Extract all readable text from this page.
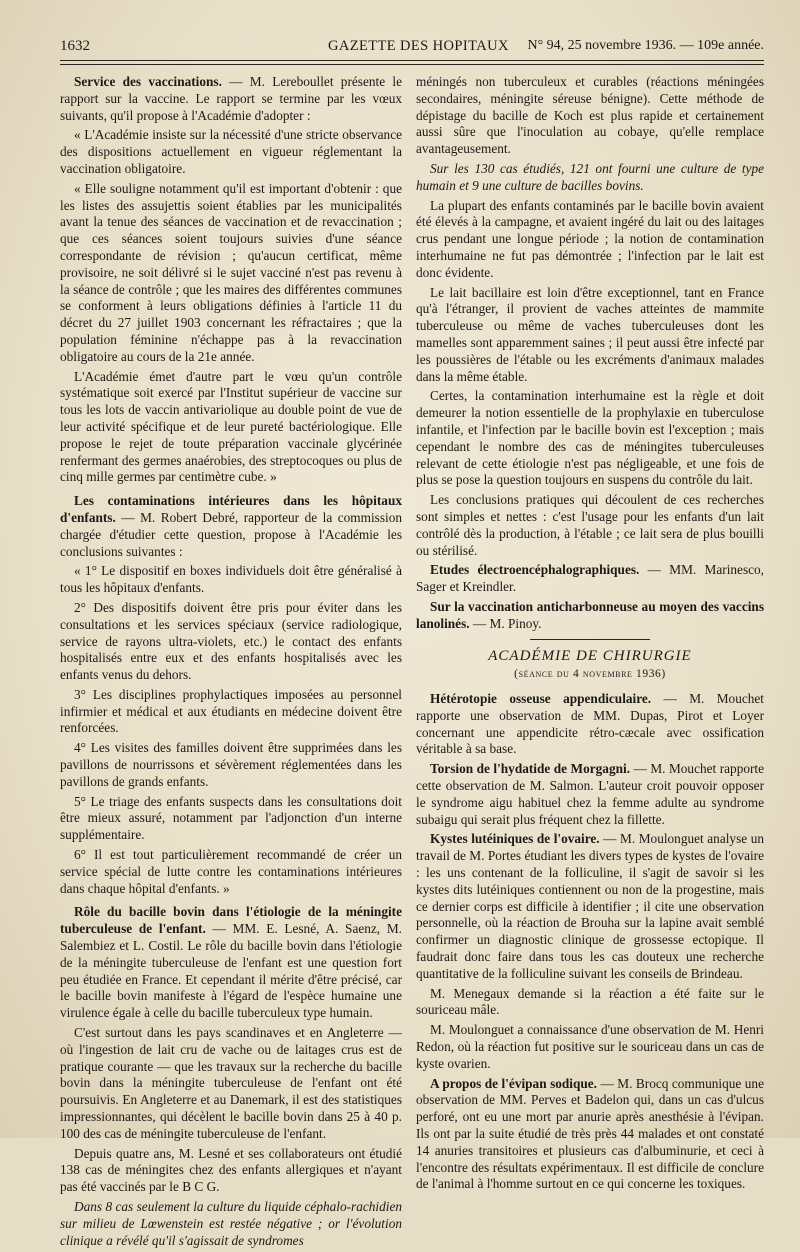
1632	GAZETTE DES HOPITAUX N° 94, 25 novembre 1936. — 109e année.

Service des vaccinations. — M. Lereboullet présente le rapport sur la vaccine. Le rapport se termine par les vœux suivants, qu'il propose à l'Académie d'adopter :

« L'Académie insiste sur la nécessité d'une stricte observance des dispositions actuellement en vigueur réglementant la vaccination obligatoire.

« Elle souligne notamment qu'il est important d'obtenir : que les listes des assujettis soient établies par les municipalités avant la tenue des séances de vaccination et de revaccination ; que ces séances soient toujours suivies d'une séance correspondante de révision ; qu'aucun certificat, même provisoire, ne soit délivré si le sujet vacciné n'est pas revenu à la séance de contrôle ; que les maires des différentes communes se conforment à leurs obligations définies à l'article 11 du décret du 27 juillet 1903 concernant les réfractaires ; que la population féminine n'échappe pas à la revaccination obligatoire au cours de la 21e année.

L'Académie émet d'autre part le vœu qu'un contrôle systématique soit exercé par l'Institut supérieur de vaccine sur tous les lots de vaccin antivariolique au double point de vue de leur activité spécifique et de leur pureté bactériologique. Elle propose le rejet de toute préparation vaccinale glycérinée renfermant des germes anaérobies, des streptocoques ou plus de cinq mille germes par centimètre cube. »

Les contaminations intérieures dans les hôpitaux d'enfants. — M. Robert Debré, rapporteur de la commission chargée d'étudier cette question, propose à l'Académie les conclusions suivantes :

« 1° Le dispositif en boxes individuels doit être généralisé à tous les hôpitaux d'enfants.

2° Des dispositifs doivent être pris pour éviter dans les consultations et les services spéciaux (service radiologique, service de rayons ultra-violets, etc.) le contact des enfants hospitalisés entre eux et des enfants hospitalisés avec les enfants venus du dehors.

3° Les disciplines prophylactiques imposées au personnel infirmier et médical et aux étudiants en médecine doivent être renforcées.

4° Les visites des familles doivent être supprimées dans les pavillons de nourrissons et sévèrement réglementées dans les pavillons de grands enfants.

5° Le triage des enfants suspects dans les consultations doit être mieux assuré, notamment par l'adjonction d'un interne supplémentaire.

6° Il est tout particulièrement recommandé de créer un service spécial de lutte contre les contaminations intérieures dans chaque hôpital d'enfants. »

Rôle du bacille bovin dans l'étiologie de la méningite tuberculeuse de l'enfant. — MM. E. Lesné, A. Saenz, M. Salembiez et L. Costil. Le rôle du bacille bovin dans l'étiologie de la méningite tuberculeuse de l'enfant est une question fort peu étudiée en France. Et cependant il mérite d'être précisé, car le bacille bovin manifeste à l'égard de l'espèce humaine une virulence égale à celle du bacille tuberculeux type humain.

C'est surtout dans les pays scandinaves et en Angleterre — où l'ingestion de lait cru de vache ou de laitages crus est de pratique courante — que les travaux sur la recherche du bacille bovin dans la méningite tuberculeuse de l'enfant ont été poursuivis. En Angleterre et au Danemark, il est des statistiques impressionnantes, qui décèlent le bacille bovin dans 25 à 40 p. 100 des cas de méningite tuberculeuse de l'enfant.

Depuis quatre ans, M. Lesné et ses collaborateurs ont étudié 138 cas de méningites chez des enfants allergiques et n'ayant pas été vaccinés par le B C G.

Dans 8 cas seulement la culture du liquide céphalo-rachidien sur milieu de Lœwenstein est restée négative ; or l'évolution clinique a révélé qu'il s'agissait de syndromes

méningés non tuberculeux et curables (réactions méningées secondaires, méningite séreuse bénigne). Cette méthode de dépistage du bacille de Koch est plus rapide et certainement aussi sûre que l'inoculation au cobaye, qu'elle remplace avantageusement.

Sur les 130 cas étudiés, 121 ont fourni une culture de type humain et 9 une culture de bacilles bovins.

La plupart des enfants contaminés par le bacille bovin avaient été élevés à la campagne, et avaient ingéré du lait ou des laitages crus pendant une longue période ; la notion de contamination interhumaine ne fut pas démontrée ; l'infection par le lait est donc évidente.

Le lait bacillaire est loin d'être exceptionnel, tant en France qu'à l'étranger, il provient de vaches atteintes de mammite tuberculeuse ou même de vaches tuberculeuses dont les mamelles sont apparemment saines ; il peut aussi être infecté par les poussières de l'étable ou les excréments d'animaux malades dans la même étable.

Certes, la contamination interhumaine est la règle et doit demeurer la notion essentielle de la prophylaxie en tuberculose infantile, et l'infection par le bacille bovin est l'exception ; mais cependant le nombre des cas de méningites tuberculeuses relevant de cette étiologie n'est pas négligeable, et une fois de plus se pose la question toujours en suspens du contrôle du lait.

Les conclusions pratiques qui découlent de ces recherches sont simples et nettes : c'est l'usage pour les enfants d'un lait contrôlé dès la production, à l'étable ; ce lait sera de plus bouilli ou stérilisé.

Etudes électroencéphalographiques. — MM. Marinesco, Sager et Kreindler.

Sur la vaccination anticharbonneuse au moyen des vaccins lanolinés. — M. Pinoy.

ACADÉMIE DE CHIRURGIE
(séance du 4 novembre 1936)

Hétérotopie osseuse appendiculaire. — M. Mouchet rapporte une observation de MM. Dupas, Pirot et Loyer concernant une appendicite rétro-cæcale avec ossification véritable à sa base.

Torsion de l'hydatide de Morgagni. — M. Mouchet rapporte cette observation de M. Salmon. L'auteur croit pouvoir opposer le syndrome aigu habituel chez la femme adulte au syndrome subaigu qui serait plus fréquent chez la fillette.

Kystes lutéiniques de l'ovaire. — M. Moulonguet analyse un travail de M. Portes étudiant les divers types de kystes de l'ovaire : les uns contenant de la folliculine, il s'agit de savoir si les kystes dits lutéiniques contiennent ou non de la progestine, mais ce dernier corps est difficile à identifier ; il cite une observation personnelle, où la réaction de Brouha sur la lapine avait semblé confirmer un diagnostic clinique de grossesse ectopique. Il faudrait donc faire dans tous les cas douteux une recherche quantitative de la folliculine suivant les conseils de Brindeau.

M. Menegaux demande si la réaction a été faite sur le souriceau mâle.

M. Moulonguet a connaissance d'une observation de M. Henri Redon, où la réaction fut positive sur le souriceau dans un cas de kyste ovarien.

A propos de l'évipan sodique. — M. Brocq communique une observation de MM. Perves et Badelon qui, dans un cas d'ulcus perforé, ont eu une mort par anurie après anesthésie à l'évipan. Ils ont par la suite étudié de très près 44 malades et ont constaté 14 anuries transitoires et plusieurs cas d'albuminurie, et ceci à l'encontre des résultats expérimentaux. Il est difficile de conclure de l'animal à l'homme surtout en ce qui concerne les toxiques.
